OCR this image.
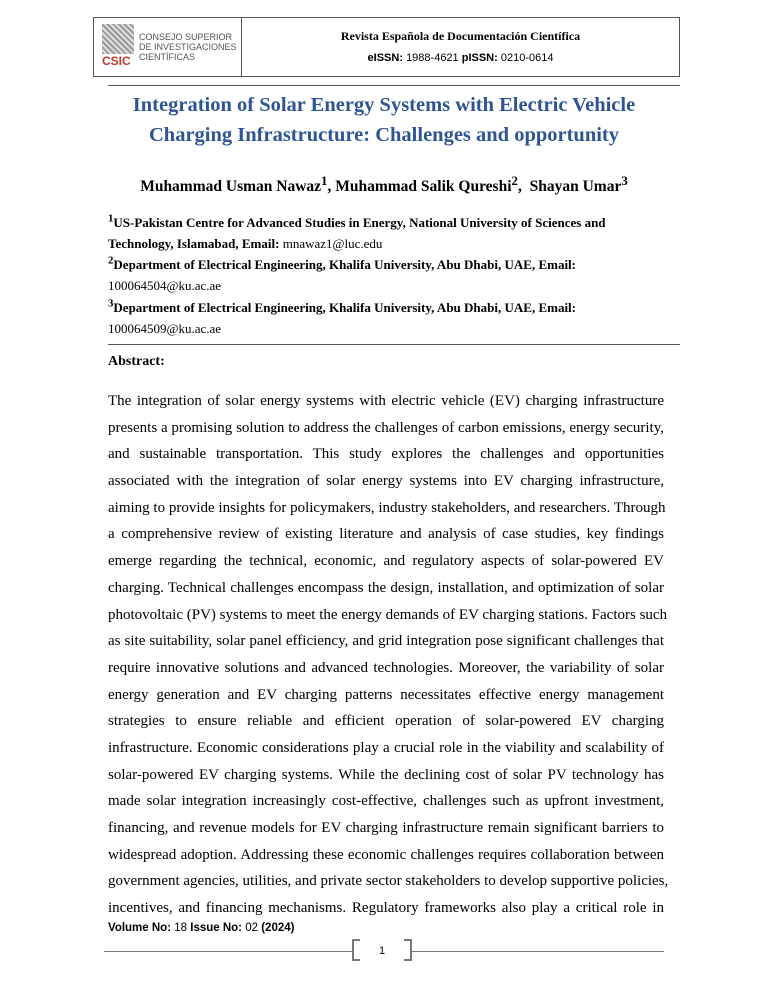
CSIC
CONSEJO SUPERIOR
DE INVESTIGACIONES
CIENTÍFICAS
Revista Española de Documentación Científica
eISSN: 1988-4621 pISSN: 0210-0614
Integration of Solar Energy Systems with Electric Vehicle
Charging Infrastructure: Challenges and opportunity
Muhammad Usman Nawaz$^1$, Muhammad Salik Qureshi$^2$,  Shayan Umar$^3$
$^1$US-Pakistan Centre for Advanced Studies in Energy, National University of Sciences and Technology, Islamabad, Email: mnawaz1@luc.edu
$^2$Department of Electrical Engineering, Khalifa University, Abu Dhabi, UAE, Email:
100064504@ku.ac.ae
$^3$Department of Electrical Engineering, Khalifa University, Abu Dhabi, UAE, Email:
100064509@ku.ac.ae
Abstract:
The integration of solar energy systems with electric vehicle (EV) charging infrastructure
presents a promising solution to address the challenges of carbon emissions, energy security,
and sustainable transportation. This study explores the challenges and opportunities
associated with the integration of solar energy systems into EV charging infrastructure,
aiming to provide insights for policymakers, industry stakeholders, and researchers. Through
a comprehensive review of existing literature and analysis of case studies, key findings
emerge regarding the technical, economic, and regulatory aspects of solar-powered EV
charging. Technical challenges encompass the design, installation, and optimization of solar
photovoltaic (PV) systems to meet the energy demands of EV charging stations. Factors such
as site suitability, solar panel efficiency, and grid integration pose significant challenges that
require innovative solutions and advanced technologies. Moreover, the variability of solar
energy generation and EV charging patterns necessitates effective energy management
strategies to ensure reliable and efficient operation of solar-powered EV charging
infrastructure. Economic considerations play a crucial role in the viability and scalability of
solar-powered EV charging systems. While the declining cost of solar PV technology has
made solar integration increasingly cost-effective, challenges such as upfront investment,
financing, and revenue models for EV charging infrastructure remain significant barriers to
widespread adoption. Addressing these economic challenges requires collaboration between
government agencies, utilities, and private sector stakeholders to develop supportive policies,
incentives, and financing mechanisms. Regulatory frameworks also play a critical role in
Volume No: 18 Issue No: 02 (2024)
1
